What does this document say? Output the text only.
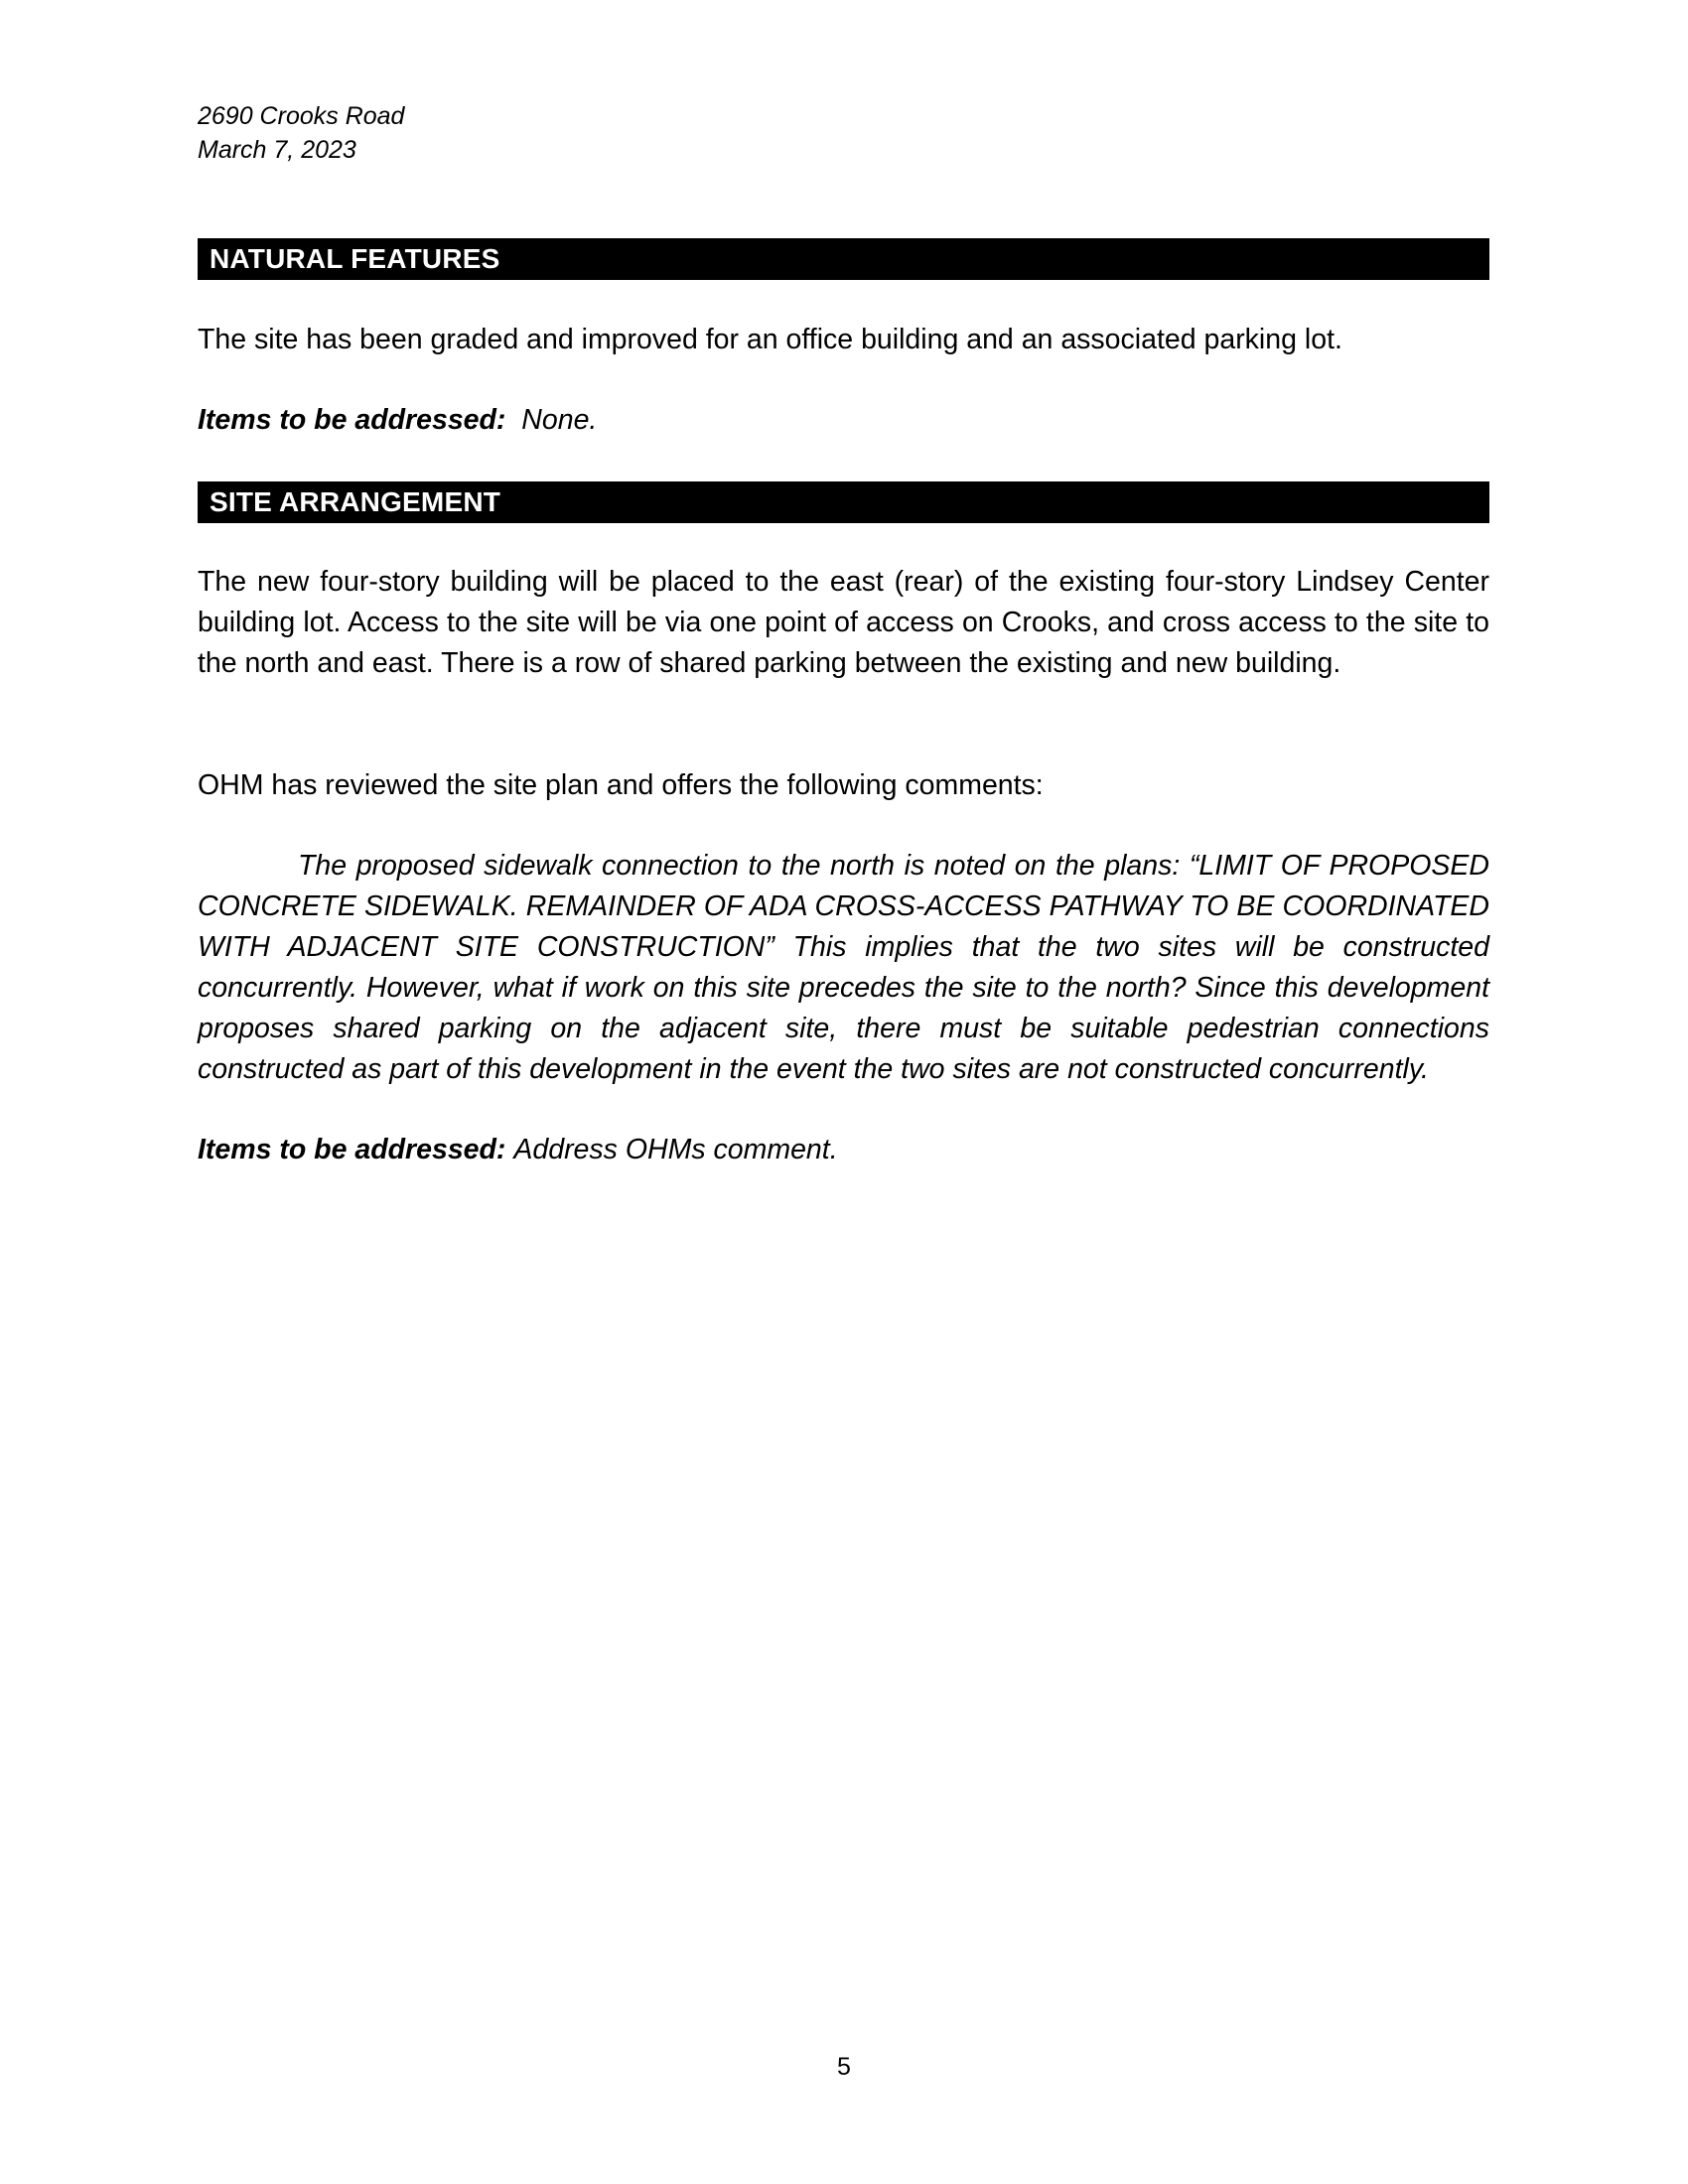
2690 Crooks Road

March 7, 2023

NATURAL FEATURES

The site has been graded and improved for an office building and an associated parking lot.

Items to be addressed: None.

SITE ARRANGEMENT

The new four-story building will be placed to the east (rear) of the existing four-story Lindsey Center building lot. Access to the site will be via one point of access on Crooks, and cross access to the site to the north and east. There is a row of shared parking between the existing and new building.

OHM has reviewed the site plan and offers the following comments:

The proposed sidewalk connection to the north is noted on the plans: “LIMIT OF PROPOSED CONCRETE SIDEWALK. REMAINDER OF ADA CROSS-ACCESS PATHWAY TO BE COORDINATED WITH ADJACENT SITE CONSTRUCTION” This implies that the two sites will be constructed concurrently. However, what if work on this site precedes the site to the north? Since this development proposes shared parking on the adjacent site, there must be suitable pedestrian connections constructed as part of this development in the event the two sites are not constructed concurrently.

Items to be addressed: Address OHMs comment.

5
